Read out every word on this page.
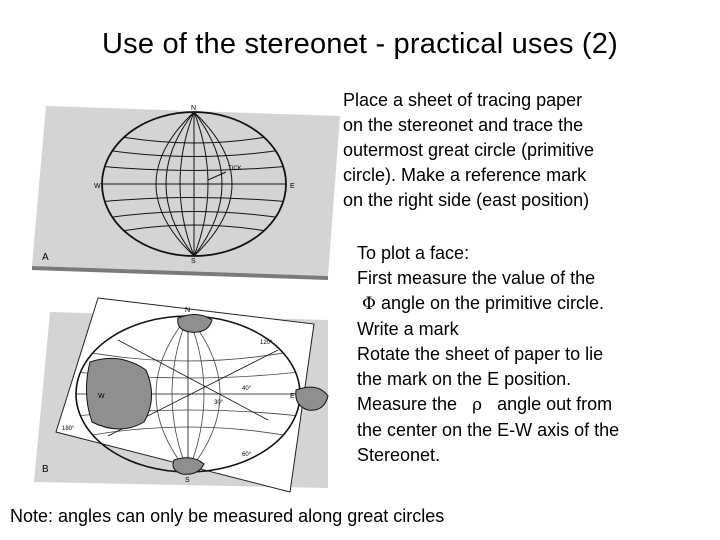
Use of the stereonet - practical uses (2)
Place a sheet of tracing paper
on the stereonet and trace the
outermost great circle (primitive
circle). Make a reference mark
on the right side (east position)
To plot a face:
First measure the value of the
Φ angle on the primitive circle.
Write a mark
Rotate the sheet of paper to lie
the mark on the E position.
Measure the   ρ   angle out from
the center on the E-W axis of the
Stereonet.
Note: angles can only be measured along great circles
N
S
E
W
TICK
A
N
S
E
W
30°
40°
180°
120°
60°
B
